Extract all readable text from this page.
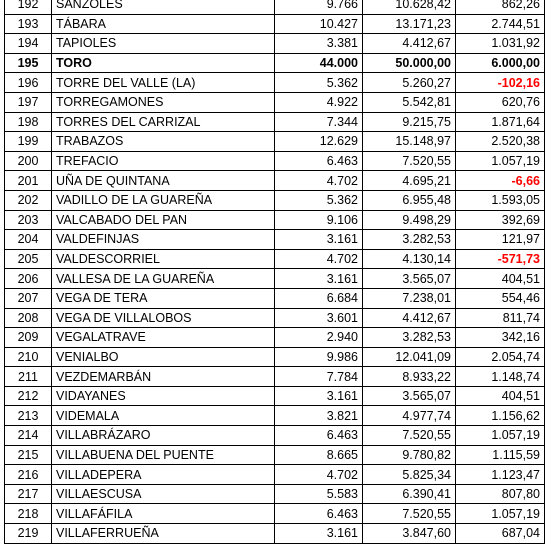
192	SANZOLES	9.766	10.628,42	862,26
193	TÁBARA	10.427	13.171,23	2.744,51
194	TAPIOLES	3.381	4.412,67	1.031,92
195	TORO	44.000	50.000,00	6.000,00
196	TORRE DEL VALLE (LA)	5.362	5.260,27	-102,16
197	TORREGAMONES	4.922	5.542,81	620,76
198	TORRES DEL CARRIZAL	7.344	9.215,75	1.871,64
199	TRABAZOS	12.629	15.148,97	2.520,38
200	TREFACIO	6.463	7.520,55	1.057,19
201	UÑA DE QUINTANA	4.702	4.695,21	-6,66
202	VADILLO DE LA GUAREÑA	5.362	6.955,48	1.593,05
203	VALCABADO DEL PAN	9.106	9.498,29	392,69
204	VALDEFINJAS	3.161	3.282,53	121,97
205	VALDESCORRIEL	4.702	4.130,14	-571,73
206	VALLESA DE LA GUAREÑA	3.161	3.565,07	404,51
207	VEGA DE TERA	6.684	7.238,01	554,46
208	VEGA DE VILLALOBOS	3.601	4.412,67	811,74
209	VEGALATRAVE	2.940	3.282,53	342,16
210	VENIALBO	9.986	12.041,09	2.054,74
211	VEZDEMARBÁN	7.784	8.933,22	1.148,74
212	VIDAYANES	3.161	3.565,07	404,51
213	VIDEMALA	3.821	4.977,74	1.156,62
214	VILLABRÁZARO	6.463	7.520,55	1.057,19
215	VILLABUENA DEL PUENTE	8.665	9.780,82	1.115,59
216	VILLADEPERA	4.702	5.825,34	1.123,47
217	VILLAESCUSA	5.583	6.390,41	807,80
218	VILLAFÁFILA	6.463	7.520,55	1.057,19
219	VILLAFERRUEÑA	3.161	3.847,60	687,04
